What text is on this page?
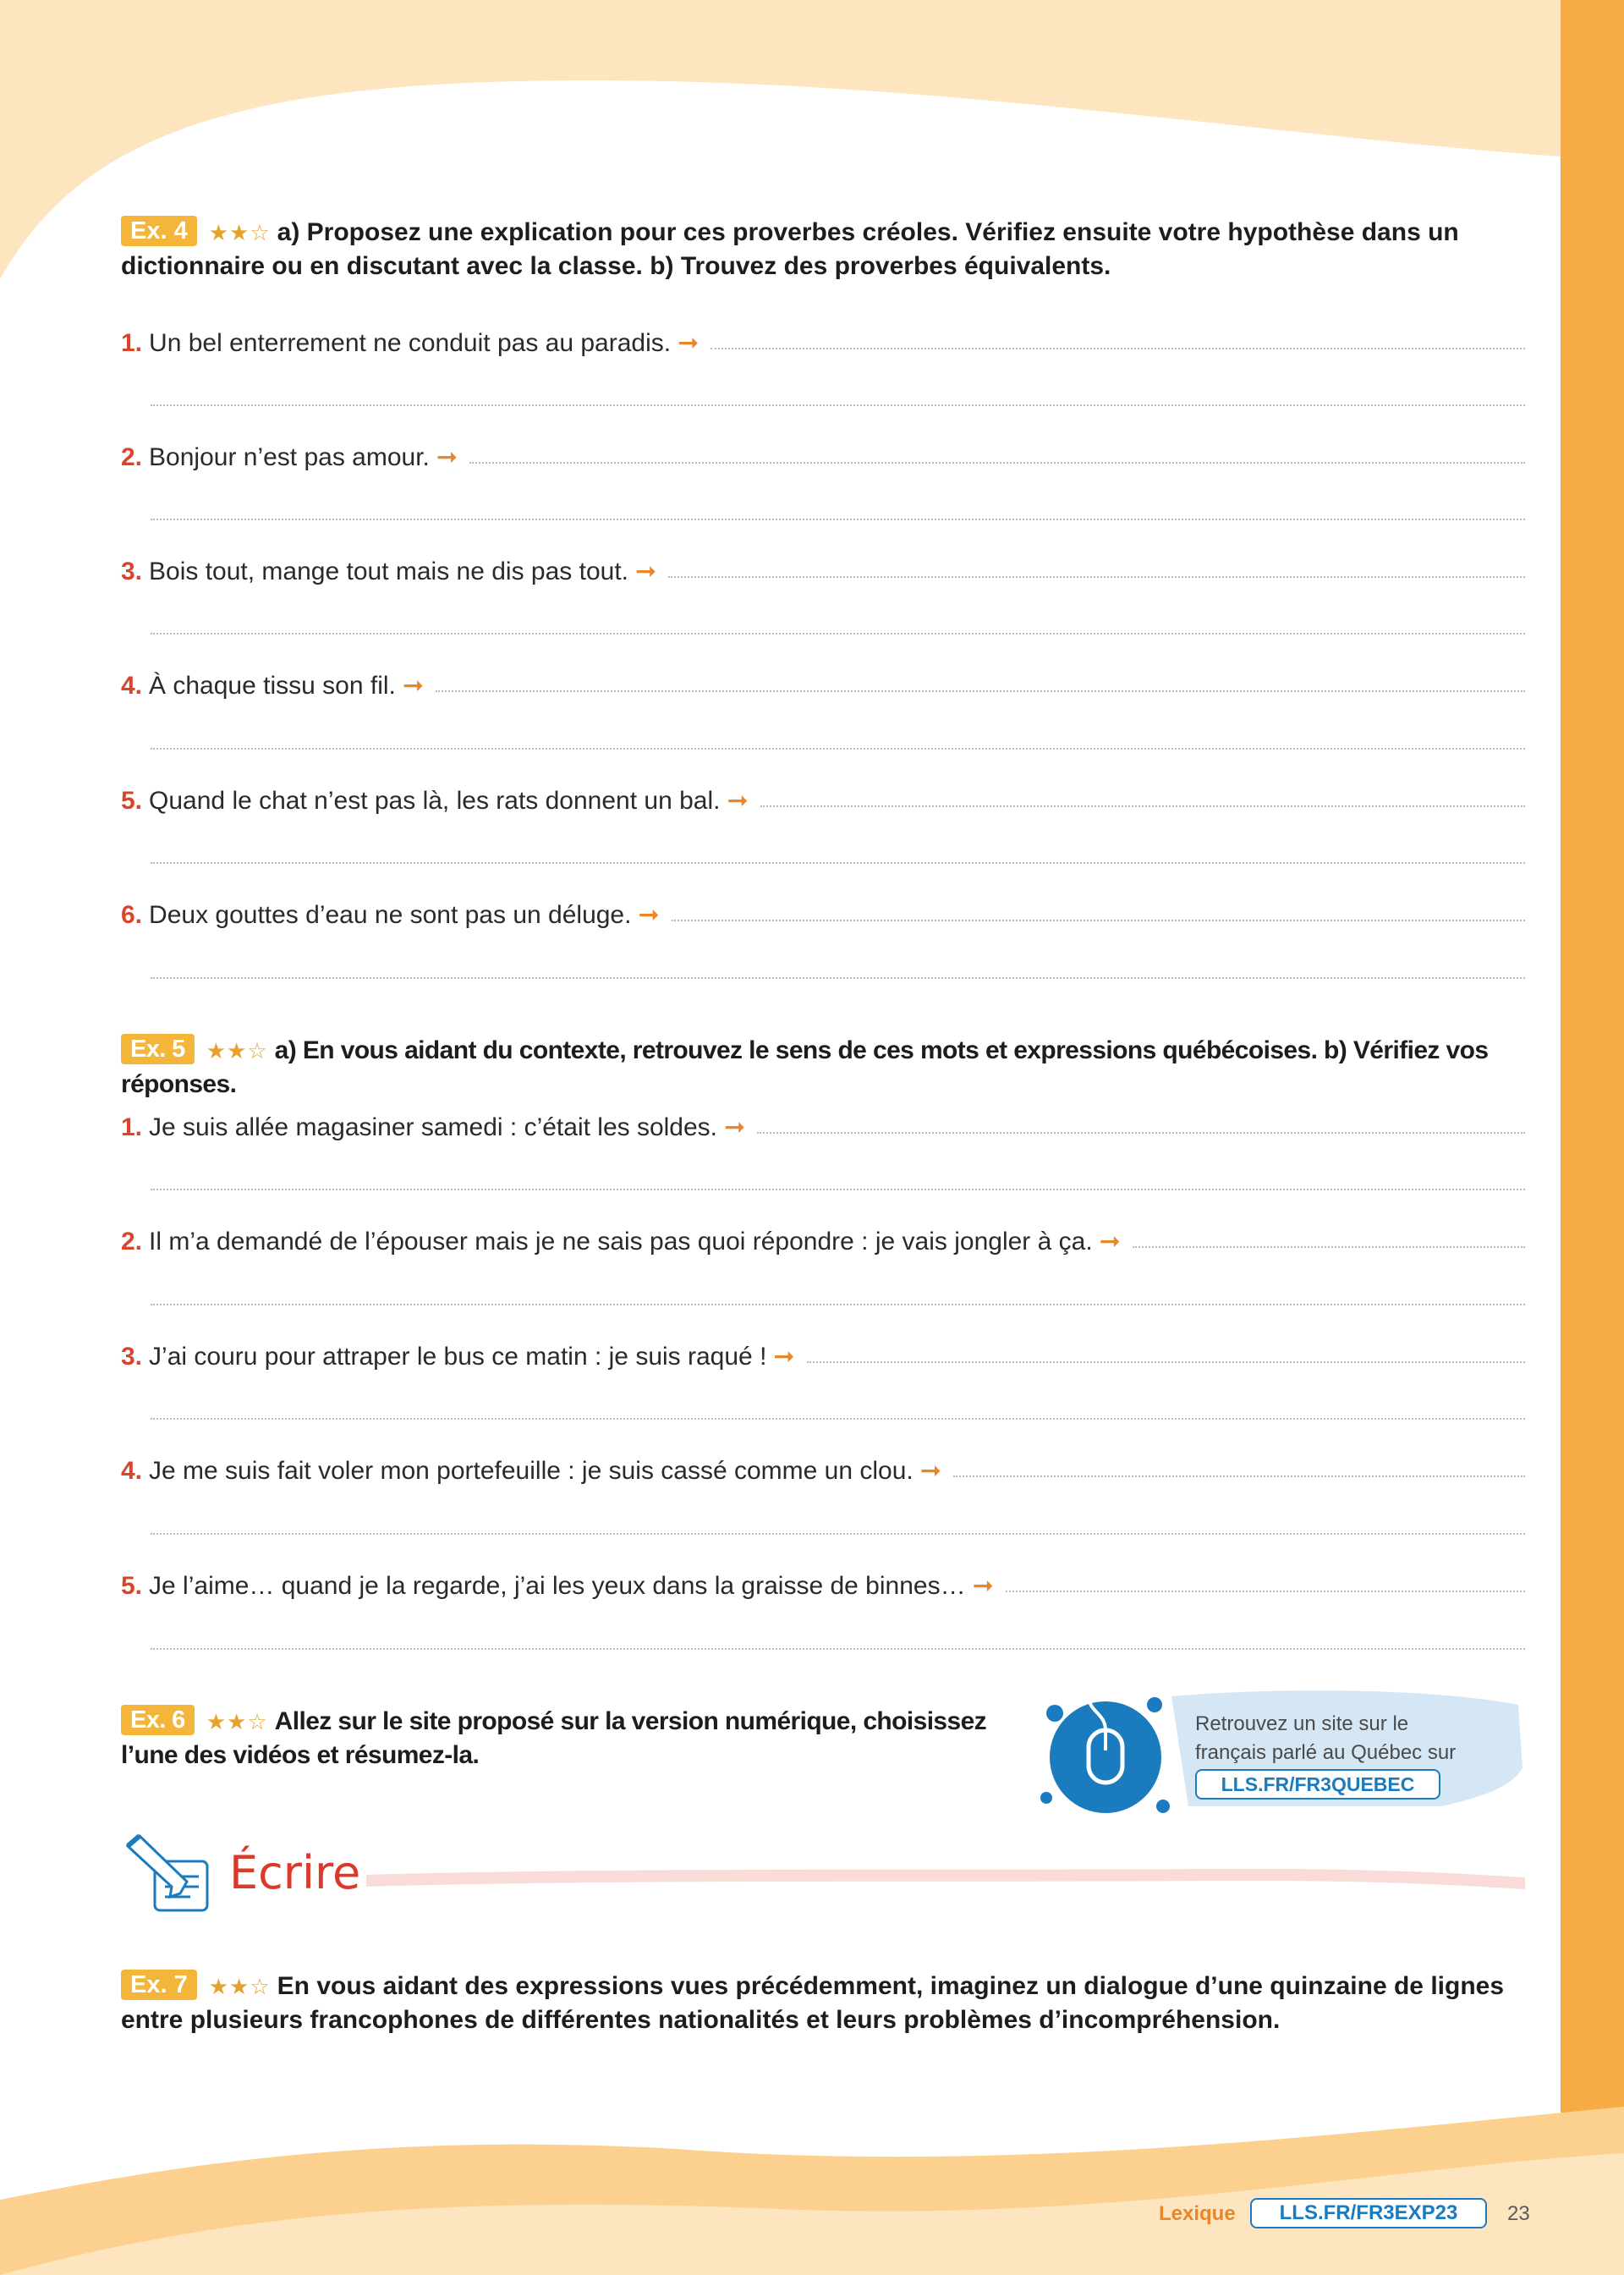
Ex. 4 ★★☆ a) Proposez une explication pour ces proverbes créoles. Vérifiez ensuite votre hypothèse dans un dictionnaire ou en discutant avec la classe. b) Trouvez des proverbes équivalents.
1. Un bel enterrement ne conduit pas au paradis. ➞
2. Bonjour n’est pas amour. ➞
3. Bois tout, mange tout mais ne dis pas tout. ➞
4. À chaque tissu son fil. ➞
5. Quand le chat n’est pas là, les rats donnent un bal. ➞
6. Deux gouttes d’eau ne sont pas un déluge. ➞
Ex. 5 ★★☆ a) En vous aidant du contexte, retrouvez le sens de ces mots et expressions québécoises. b) Vérifiez vos réponses.
1. Je suis allée magasiner samedi : c’était les soldes. ➞
2. Il m’a demandé de l’épouser mais je ne sais pas quoi répondre : je vais jongler à ça. ➞
3. J’ai couru pour attraper le bus ce matin : je suis raqué ! ➞
4. Je me suis fait voler mon portefeuille : je suis cassé comme un clou. ➞
5. Je l’aime… quand je la regarde, j’ai les yeux dans la graisse de binnes… ➞
Ex. 6 ★★☆ Allez sur le site proposé sur la version numérique, choisissez l’une des vidéos et résumez-la.
Écrire
Ex. 7 ★★☆ En vous aidant des expressions vues précédemment, imaginez un dialogue d’une quinzaine de lignes entre plusieurs francophones de différentes nationalités et leurs problèmes d’incompréhension.
Retrouvez un site sur le
français parlé au Québec sur
LLS.FR/FR3QUEBEC
Lexique	LLS.FR/FR3EXP23	23
